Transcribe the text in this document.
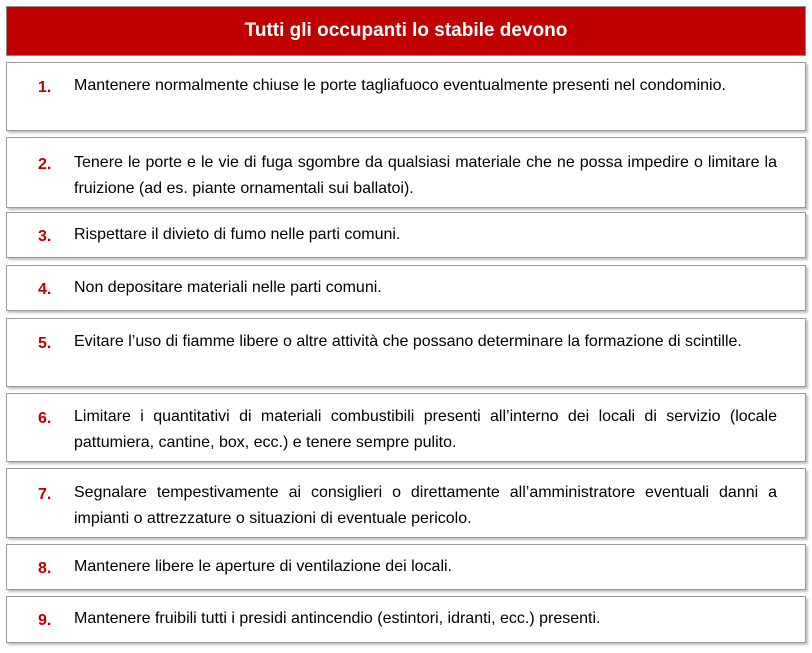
Tutti gli occupanti lo stabile devono
1. Mantenere normalmente chiuse le porte tagliafuoco eventualmente presenti nel condominio.
2. Tenere le porte e le vie di fuga sgombre da qualsiasi materiale che ne possa impedire o limitare la fruizione (ad es. piante ornamentali sui ballatoi).
3. Rispettare il divieto di fumo nelle parti comuni.
4. Non depositare materiali nelle parti comuni.
5. Evitare l’uso di fiamme libere o altre attività che possano determinare la formazione di scintille.
6. Limitare i quantitativi di materiali combustibili presenti all’interno dei locali di servizio (locale pattumiera, cantine, box, ecc.) e tenere sempre pulito.
7. Segnalare tempestivamente ai consiglieri o direttamente all’amministratore eventuali danni a impianti o attrezzature o situazioni di eventuale pericolo.
8. Mantenere libere le aperture di ventilazione dei locali.
9. Mantenere fruibili tutti i presidi antincendio (estintori, idranti, ecc.) presenti.
